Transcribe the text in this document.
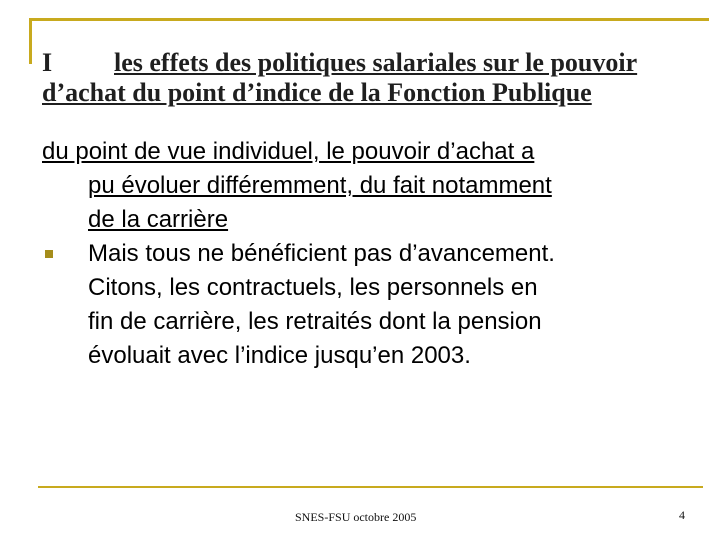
I les effets des politiques salariales sur le pouvoir
d’achat du point d’indice de la Fonction Publique

du point de vue individuel, le pouvoir d’achat a
pu évoluer différemment, du fait notamment
de la carrière

Mais tous ne bénéficient pas d’avancement.
Citons, les contractuels, les personnels en
fin de carrière, les retraités dont la pension
évoluait avec l’indice jusqu’en 2003.

SNES-FSU octobre 2005	4
